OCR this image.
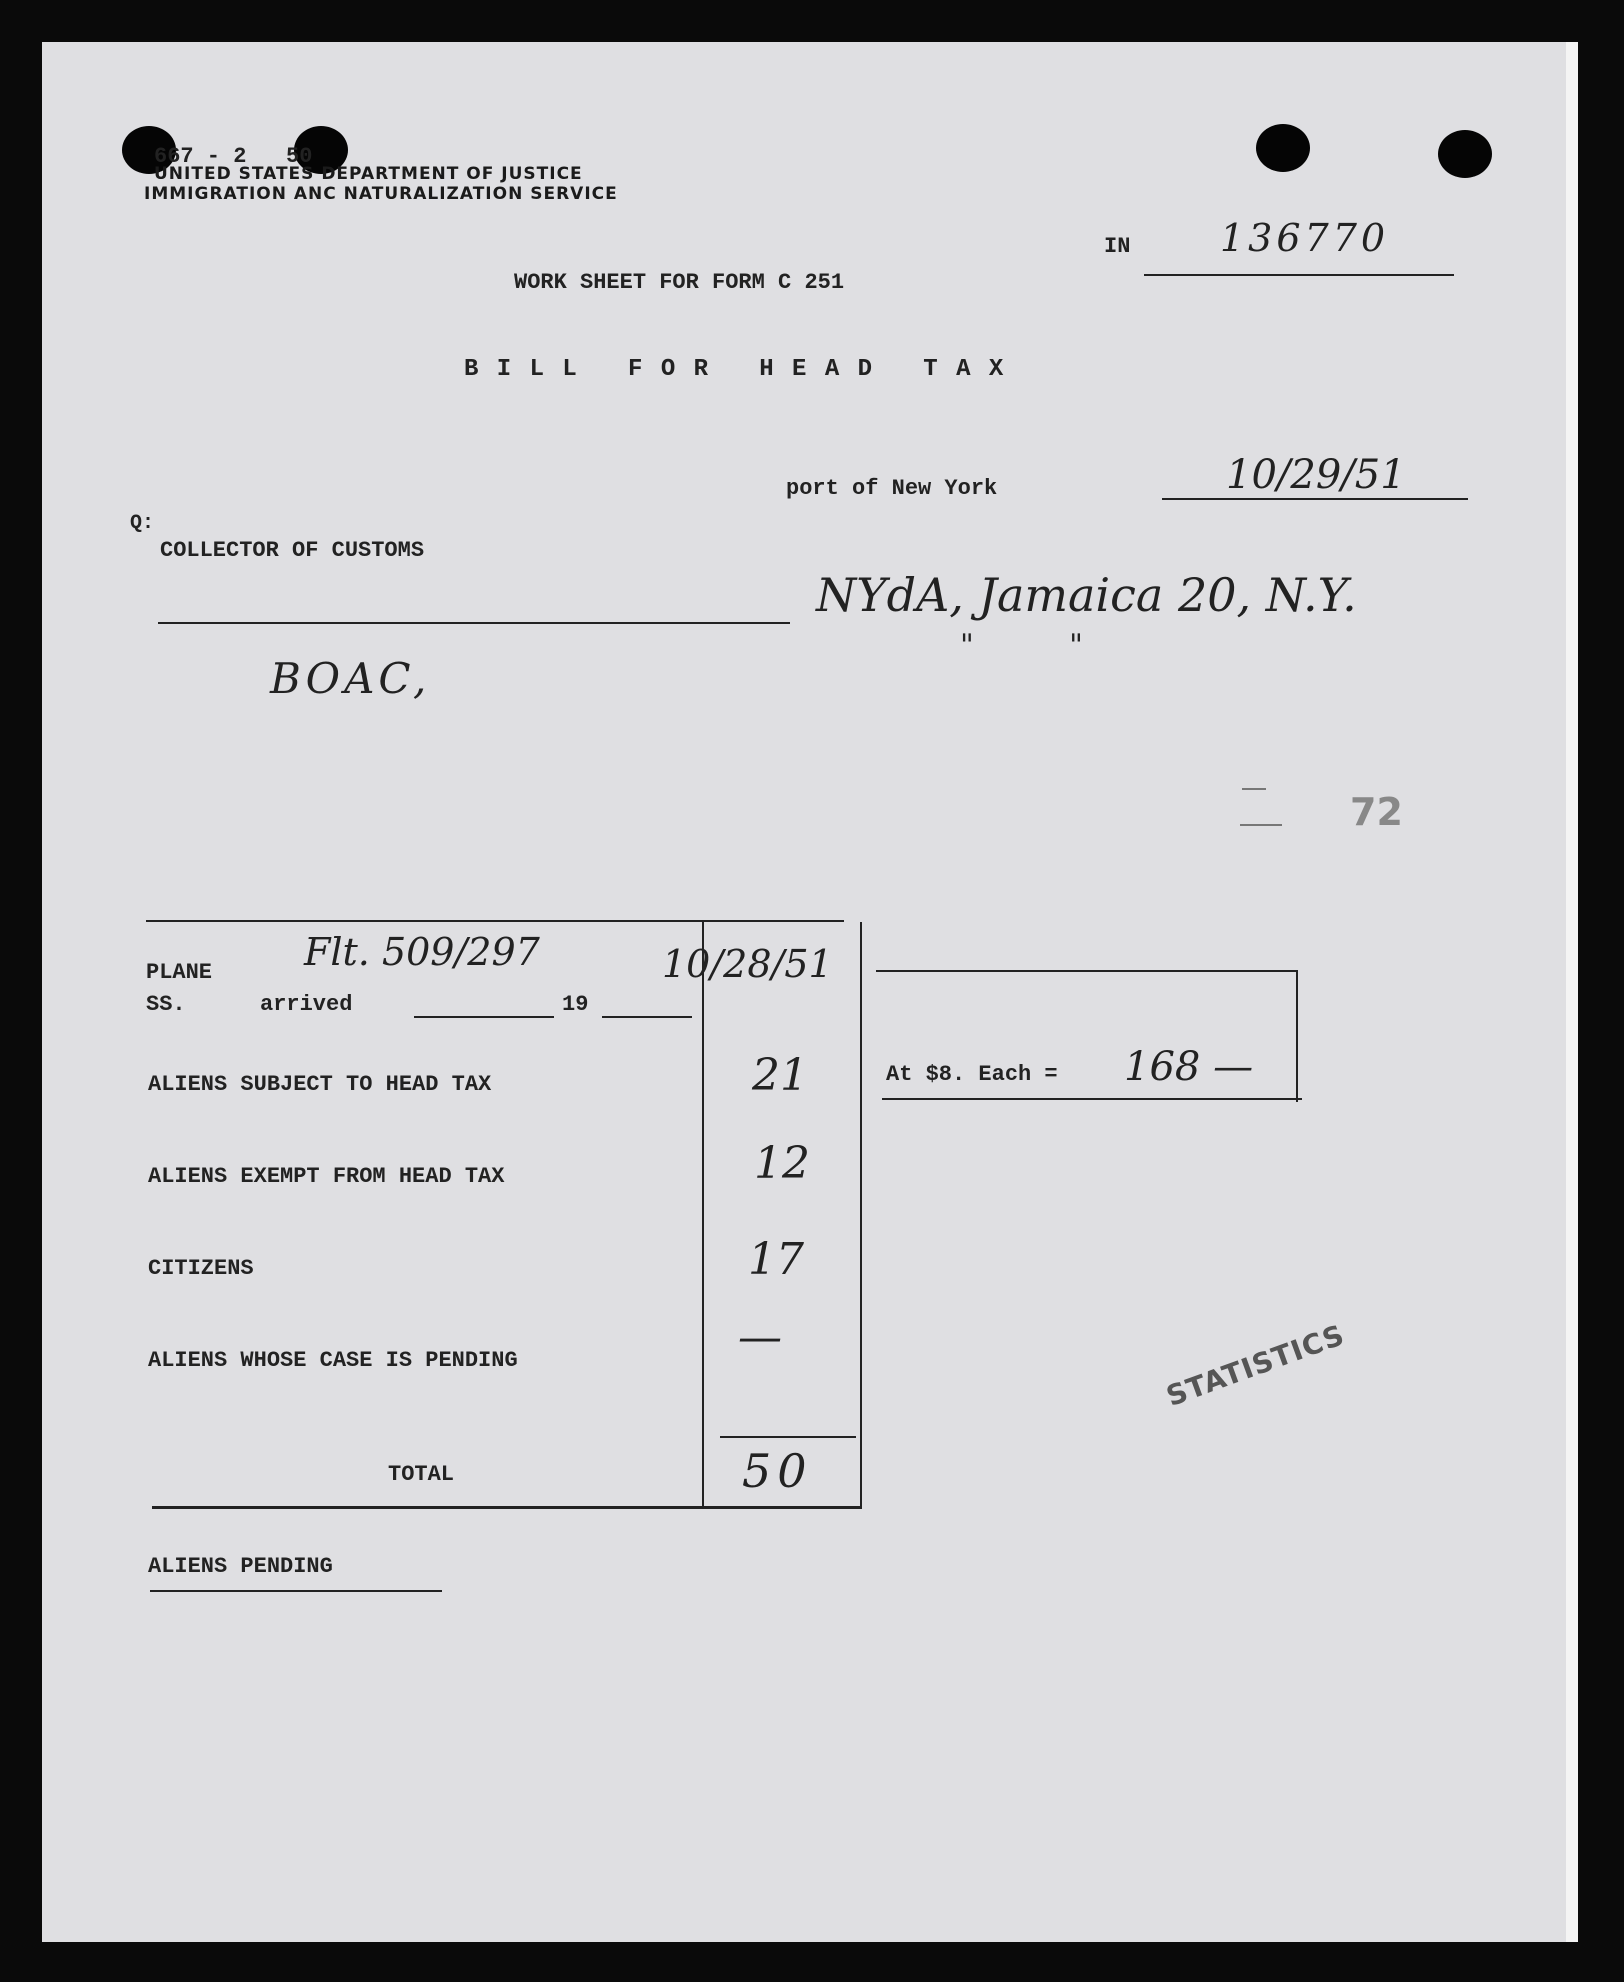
667 - 2   50
UNITED STATES DEPARTMENT OF JUSTICE
IMMIGRATION ANC NATURALIZATION SERVICE
IN 136770
WORK SHEET FOR FORM C 251
B I L L   F O R   H E A D   T A X
port of New York	10/29/51
Q:
COLLECTOR OF CUSTOMS
NYdA, Jamaica 20, N.Y.
"          "
BOAC,
72
PLANE
SS.	arrived	19
Flt. 509/297	10/28/51
ALIENS SUBJECT TO HEAD TAX	21
ALIENS EXEMPT FROM HEAD TAX	12
CITIZENS	17
ALIENS WHOSE CASE IS PENDING	—
TOTAL	50
At $8. Each = 168 —
STATISTICS
ALIENS PENDING
